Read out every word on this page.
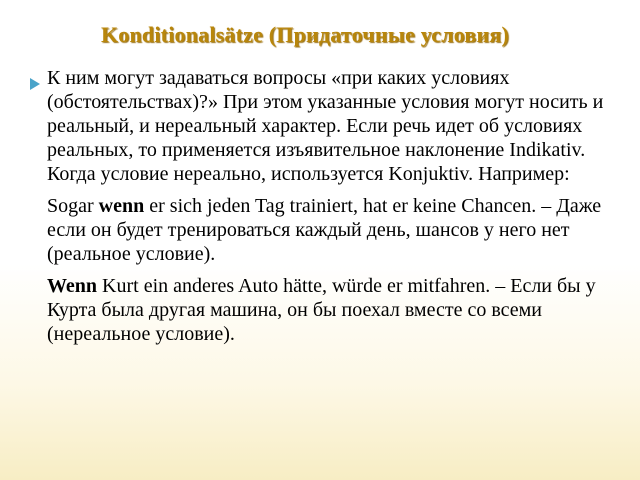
Konditionalsätze (Придаточные условия)

К ним могут задаваться вопросы «при каких условиях (обстоятельствах)?» При этом указанные условия могут носить и реальный, и нереальный характер. Если речь идет об условиях реальных, то применяется изъявительное наклонение Indikativ. Когда условие нереально, используется Konjuktiv. Например:

Sogar wenn er sich jeden Tag trainiert, hat er keine Chancen. – Даже если он будет тренироваться каждый день, шансов у него нет (реальное условие).

Wenn Kurt ein anderes Auto hätte, würde er mitfahren. – Если бы у Курта была другая машина, он бы поехал вместе со всеми (нереальное условие).
